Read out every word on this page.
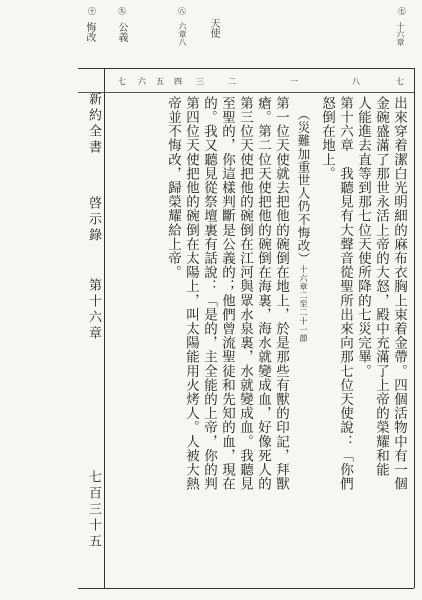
㊆
十六章
天使
㊇
六章八
㊈
公義
㊉
悔改
七
八
一
二
三
四
五
六
七
出來穿着潔白光明細的麻布衣胸上束着金帶。四個活物中有一個
金碗盛滿了那世永活上帝的大怒，殿中充滿了上帝的榮耀和能
人能進去直等到那七位天使所降的七災完畢。
第十六章　我聽見有大聲音從聖所出來向那七位天使說：「你們
怒倒在地上。
（災難加重世人仍不悔改）十六章二至二十一節
第一位天使就去把他的碗倒在地上，於是那些有獸的印記，拜獸
瘡。第二位天使把他的碗倒在海裏，海水就變成血，好像死人的
第三位天使把他的碗倒在江河與眾水泉裏，水就變成血。我聽見
至聖的，你這樣判斷是公義的；他們曾流聖徒和先知的血，現在
的。我又聽見從祭壇裏有話說：「是的，主全能的上帝，你的判
第四位天使把他的碗倒在太陽上，叫太陽能用火烤人。人被大熱
帝並不悔改，歸榮耀給上帝。
新約全書
啓示錄
第十六章
七百三十五
